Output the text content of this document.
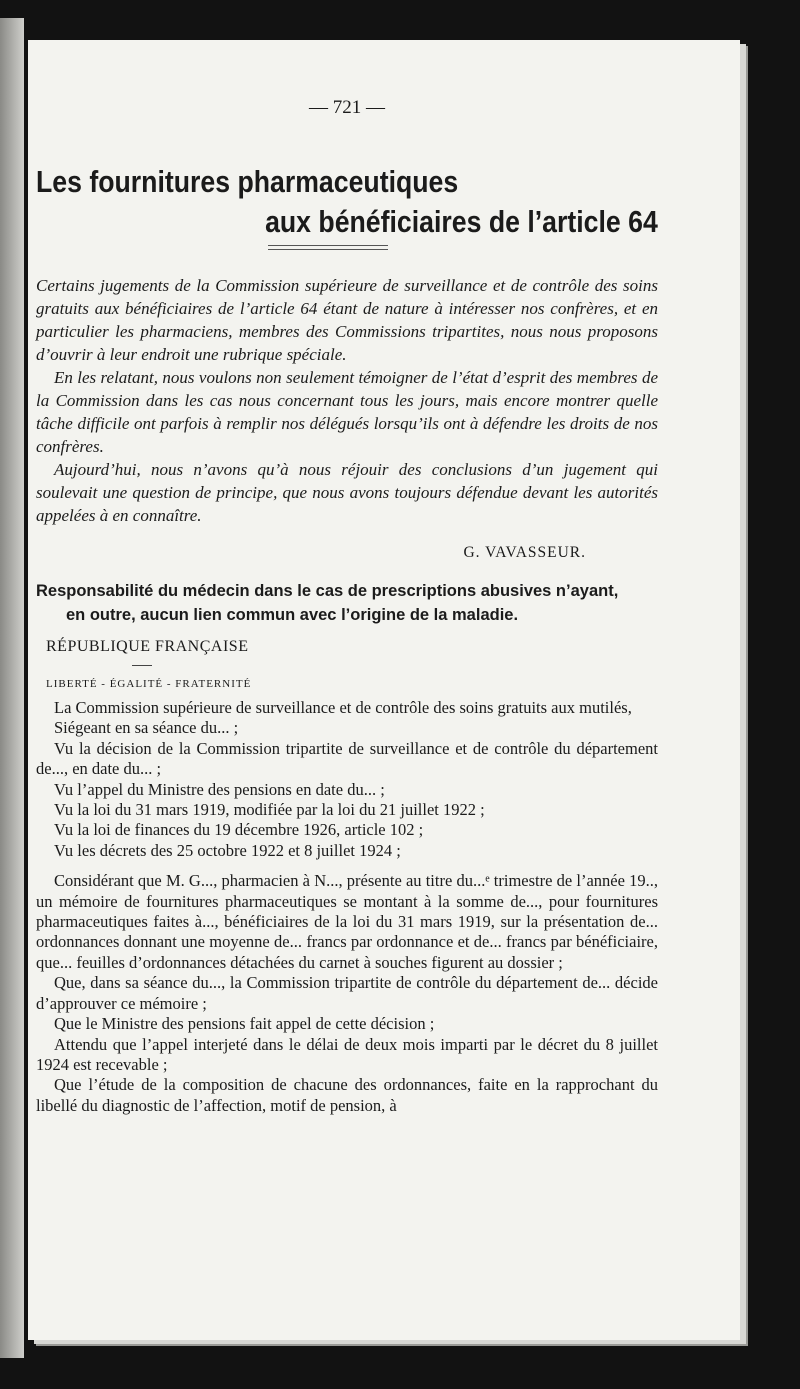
— 721 —
Les fournitures pharmaceutiques
aux bénéficiaires de l’article 64

Certains jugements de la Commission supérieure de surveillance et de contrôle des soins gratuits aux bénéficiaires de l’article 64 étant de nature à intéresser nos confrères, et en particulier les pharmaciens, membres des Commissions tripartites, nous nous proposons d’ouvrir à leur endroit une rubrique spéciale.

En les relatant, nous voulons non seulement témoigner de l’état d’esprit des membres de la Commission dans les cas nous concernant tous les jours, mais encore montrer quelle tâche difficile ont parfois à remplir nos délégués lorsqu’ils ont à défendre les droits de nos confrères.

Aujourd’hui, nous n’avons qu’à nous réjouir des conclusions d’un jugement qui soulevait une question de principe, que nous avons toujours défendue devant les autorités appelées à en connaître.

G. VAVASSEUR.
Responsabilité du médecin dans le cas de prescriptions abusives n’ayant,
en outre, aucun lien commun avec l’origine de la maladie.
RÉPUBLIQUE FRANÇAISE
LIBERTÉ - ÉGALITÉ - FRATERNITÉ

La Commission supérieure de surveillance et de contrôle des soins gratuits aux mutilés,

Siégeant en sa séance du... ;

Vu la décision de la Commission tripartite de surveillance et de contrôle du département de..., en date du... ;

Vu l’appel du Ministre des pensions en date du... ;

Vu la loi du 31 mars 1919, modifiée par la loi du 21 juillet 1922 ;

Vu la loi de finances du 19 décembre 1926, article 102 ;

Vu les décrets des 25 octobre 1922 et 8 juillet 1924 ;

Considérant que M. G..., pharmacien à N..., présente au titre du...ᵉ trimestre de l’année 19.., un mémoire de fournitures pharmaceutiques se montant à la somme de..., pour fournitures pharmaceutiques faites à..., bénéficiaires de la loi du 31 mars 1919, sur la présentation de... ordonnances donnant une moyenne de... francs par ordonnance et de... francs par bénéficiaire, que... feuilles d’ordonnances détachées du carnet à souches figurent au dossier ;

Que, dans sa séance du..., la Commission tripartite de contrôle du département de... décide d’approuver ce mémoire ;

Que le Ministre des pensions fait appel de cette décision ;

Attendu que l’appel interjeté dans le délai de deux mois imparti par le décret du 8 juillet 1924 est recevable ;

Que l’étude de la composition de chacune des ordonnances, faite en la rapprochant du libellé du diagnostic de l’affection, motif de pension, à
